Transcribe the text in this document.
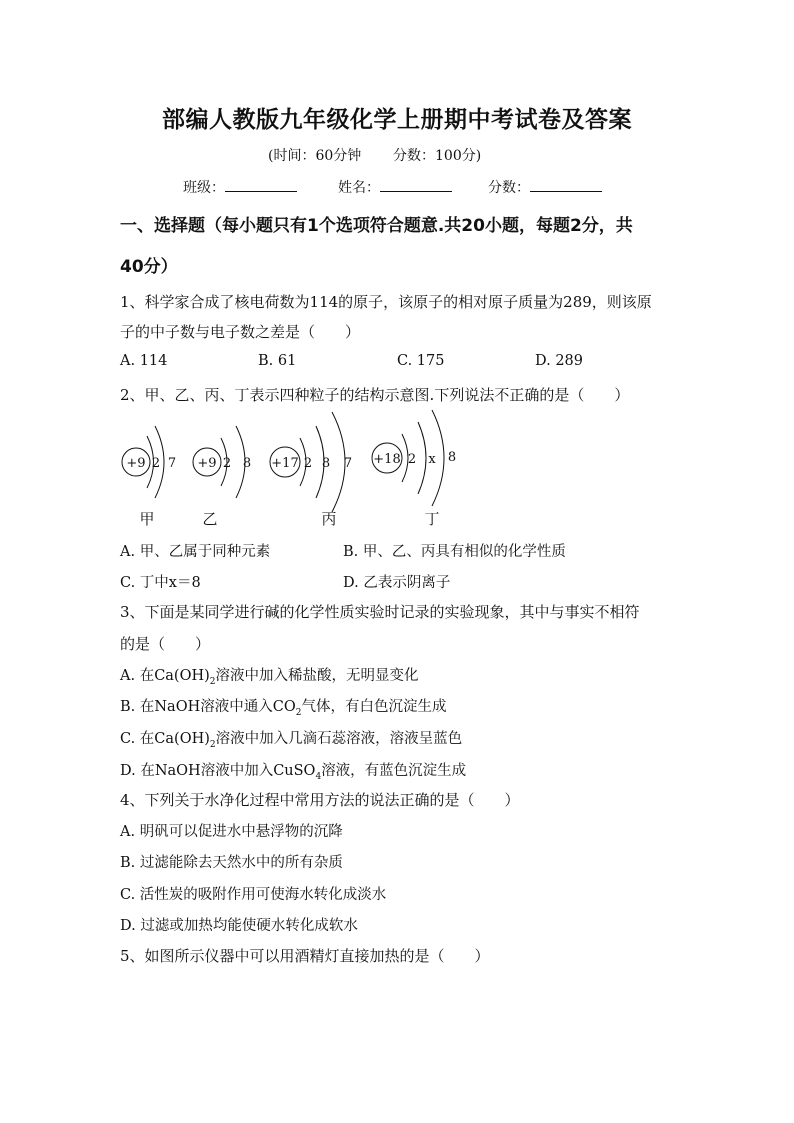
部编人教版九年级化学上册期中考试卷及答案
(时间：60分钟 分数：100分)
班级：	姓名：	分数：
一、选择题（每小题只有1个选项符合题意.共20小题，每题2分，共
40分）
1、科学家合成了核电荷数为114的原子，该原子的相对原子质量为289，则该原
子的中子数与电子数之差是（　　）
A. 114	B. 61	C. 175	D. 289
2、甲、乙、丙、丁表示四种粒子的结构示意图.下列说法不正确的是（　　）
+9 2 7 +9 2 8 +17 2 8 7 +18 2 x 8
甲	乙	丙	丁
A. 甲、乙属于同种元素	B. 甲、乙、丙具有相似的化学性质
C. 丁中x＝8	D. 乙表示阴离子
3、下面是某同学进行碱的化学性质实验时记录的实验现象，其中与事实不相符
的是（　　）
A. 在$Ca(OH)_2$溶液中加入稀盐酸，无明显变化
B. 在NaOH溶液中通入$CO_2$气体，有白色沉淀生成
C. 在$Ca(OH)_2$溶液中加入几滴石蕊溶液，溶液呈蓝色
D. 在NaOH溶液中加入CuSO$_4$溶液，有蓝色沉淀生成
4、下列关于水净化过程中常用方法的说法正确的是（　　）
A. 明矾可以促进水中悬浮物的沉降
B. 过滤能除去天然水中的所有杂质
C. 活性炭的吸附作用可使海水转化成淡水
D. 过滤或加热均能使硬水转化成软水
5、如图所示仪器中可以用酒精灯直接加热的是（　　）
